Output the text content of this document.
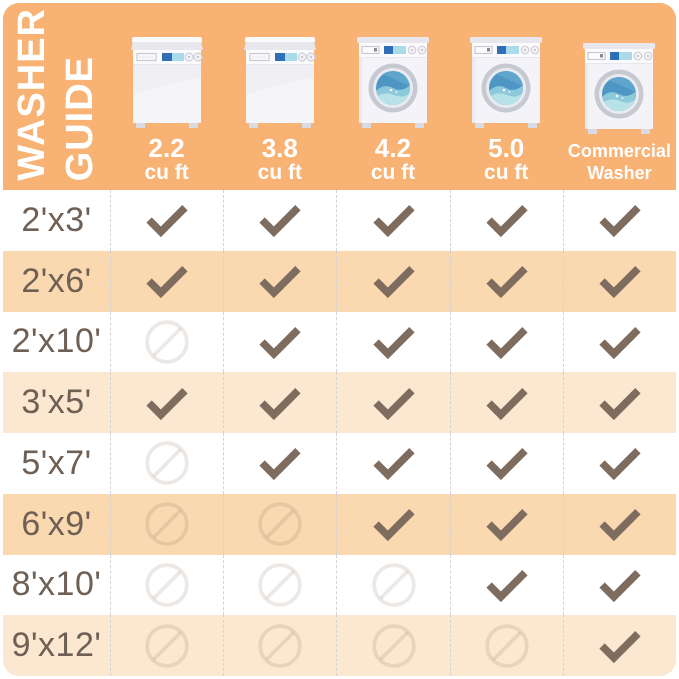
WASHER GUIDE 2.2
cu ft
3.8
cu ft
4.2
cu ft
5.0
cu ft
Commercial
Washer
2'x3'
2'x6'
2'x10'
3'x5'
5'x7'
6'x9'
8'x10'
9'x12'
